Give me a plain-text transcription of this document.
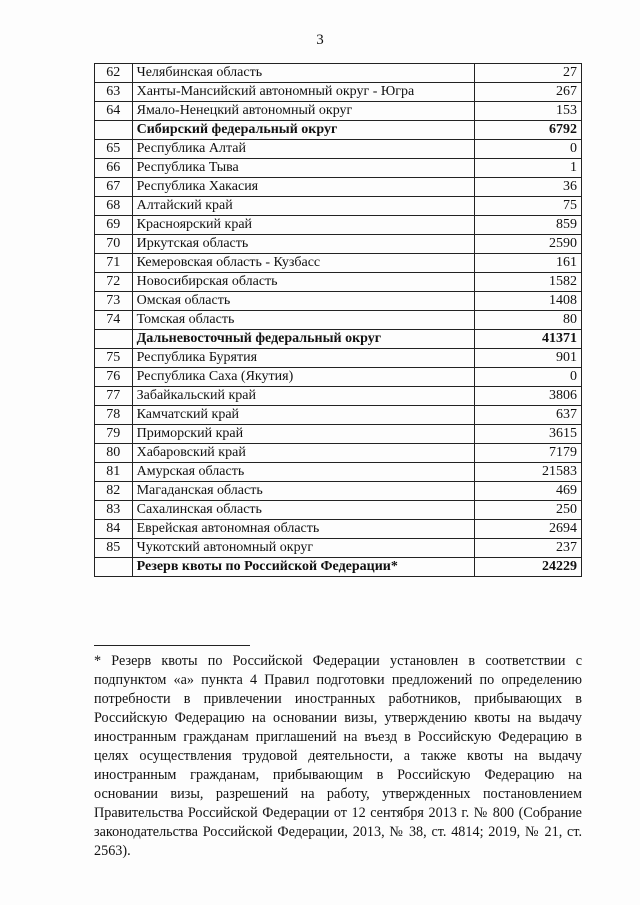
3
62	Челябинская область	27
63	Ханты-Мансийский автономный округ - Югра	267
64	Ямало-Ненецкий автономный округ	153
	Сибирский федеральный округ	6792
65	Республика Алтай	0
66	Республика Тыва	1
67	Республика Хакасия	36
68	Алтайский край	75
69	Красноярский край	859
70	Иркутская область	2590
71	Кемеровская область - Кузбасс	161
72	Новосибирская область	1582
73	Омская область	1408
74	Томская область	80
	Дальневосточный федеральный округ	41371
75	Республика Бурятия	901
76	Республика Саха (Якутия)	0
77	Забайкальский край	3806
78	Камчатский край	637
79	Приморский край	3615
80	Хабаровский край	7179
81	Амурская область	21583
82	Магаданская область	469
83	Сахалинская область	250
84	Еврейская автономная область	2694
85	Чукотский автономный округ	237
	Резерв квоты по Российской Федерации*	24229
* Резерв квоты по Российской Федерации установлен в соответствии с подпунктом «а» пункта 4 Правил подготовки предложений по определению потребности в привлечении иностранных работников, прибывающих в Российскую Федерацию на основании визы, утверждению квоты на выдачу иностранным гражданам приглашений на въезд в Российскую Федерацию в целях осуществления трудовой деятельности, а также квоты на выдачу иностранным гражданам, прибывающим в Российскую Федерацию на основании визы, разрешений на работу, утвержденных постановлением Правительства Российской Федерации от 12 сентября 2013 г. № 800 (Собрание законодательства Российской Федерации, 2013, № 38, ст. 4814; 2019, № 21, ст. 2563).
